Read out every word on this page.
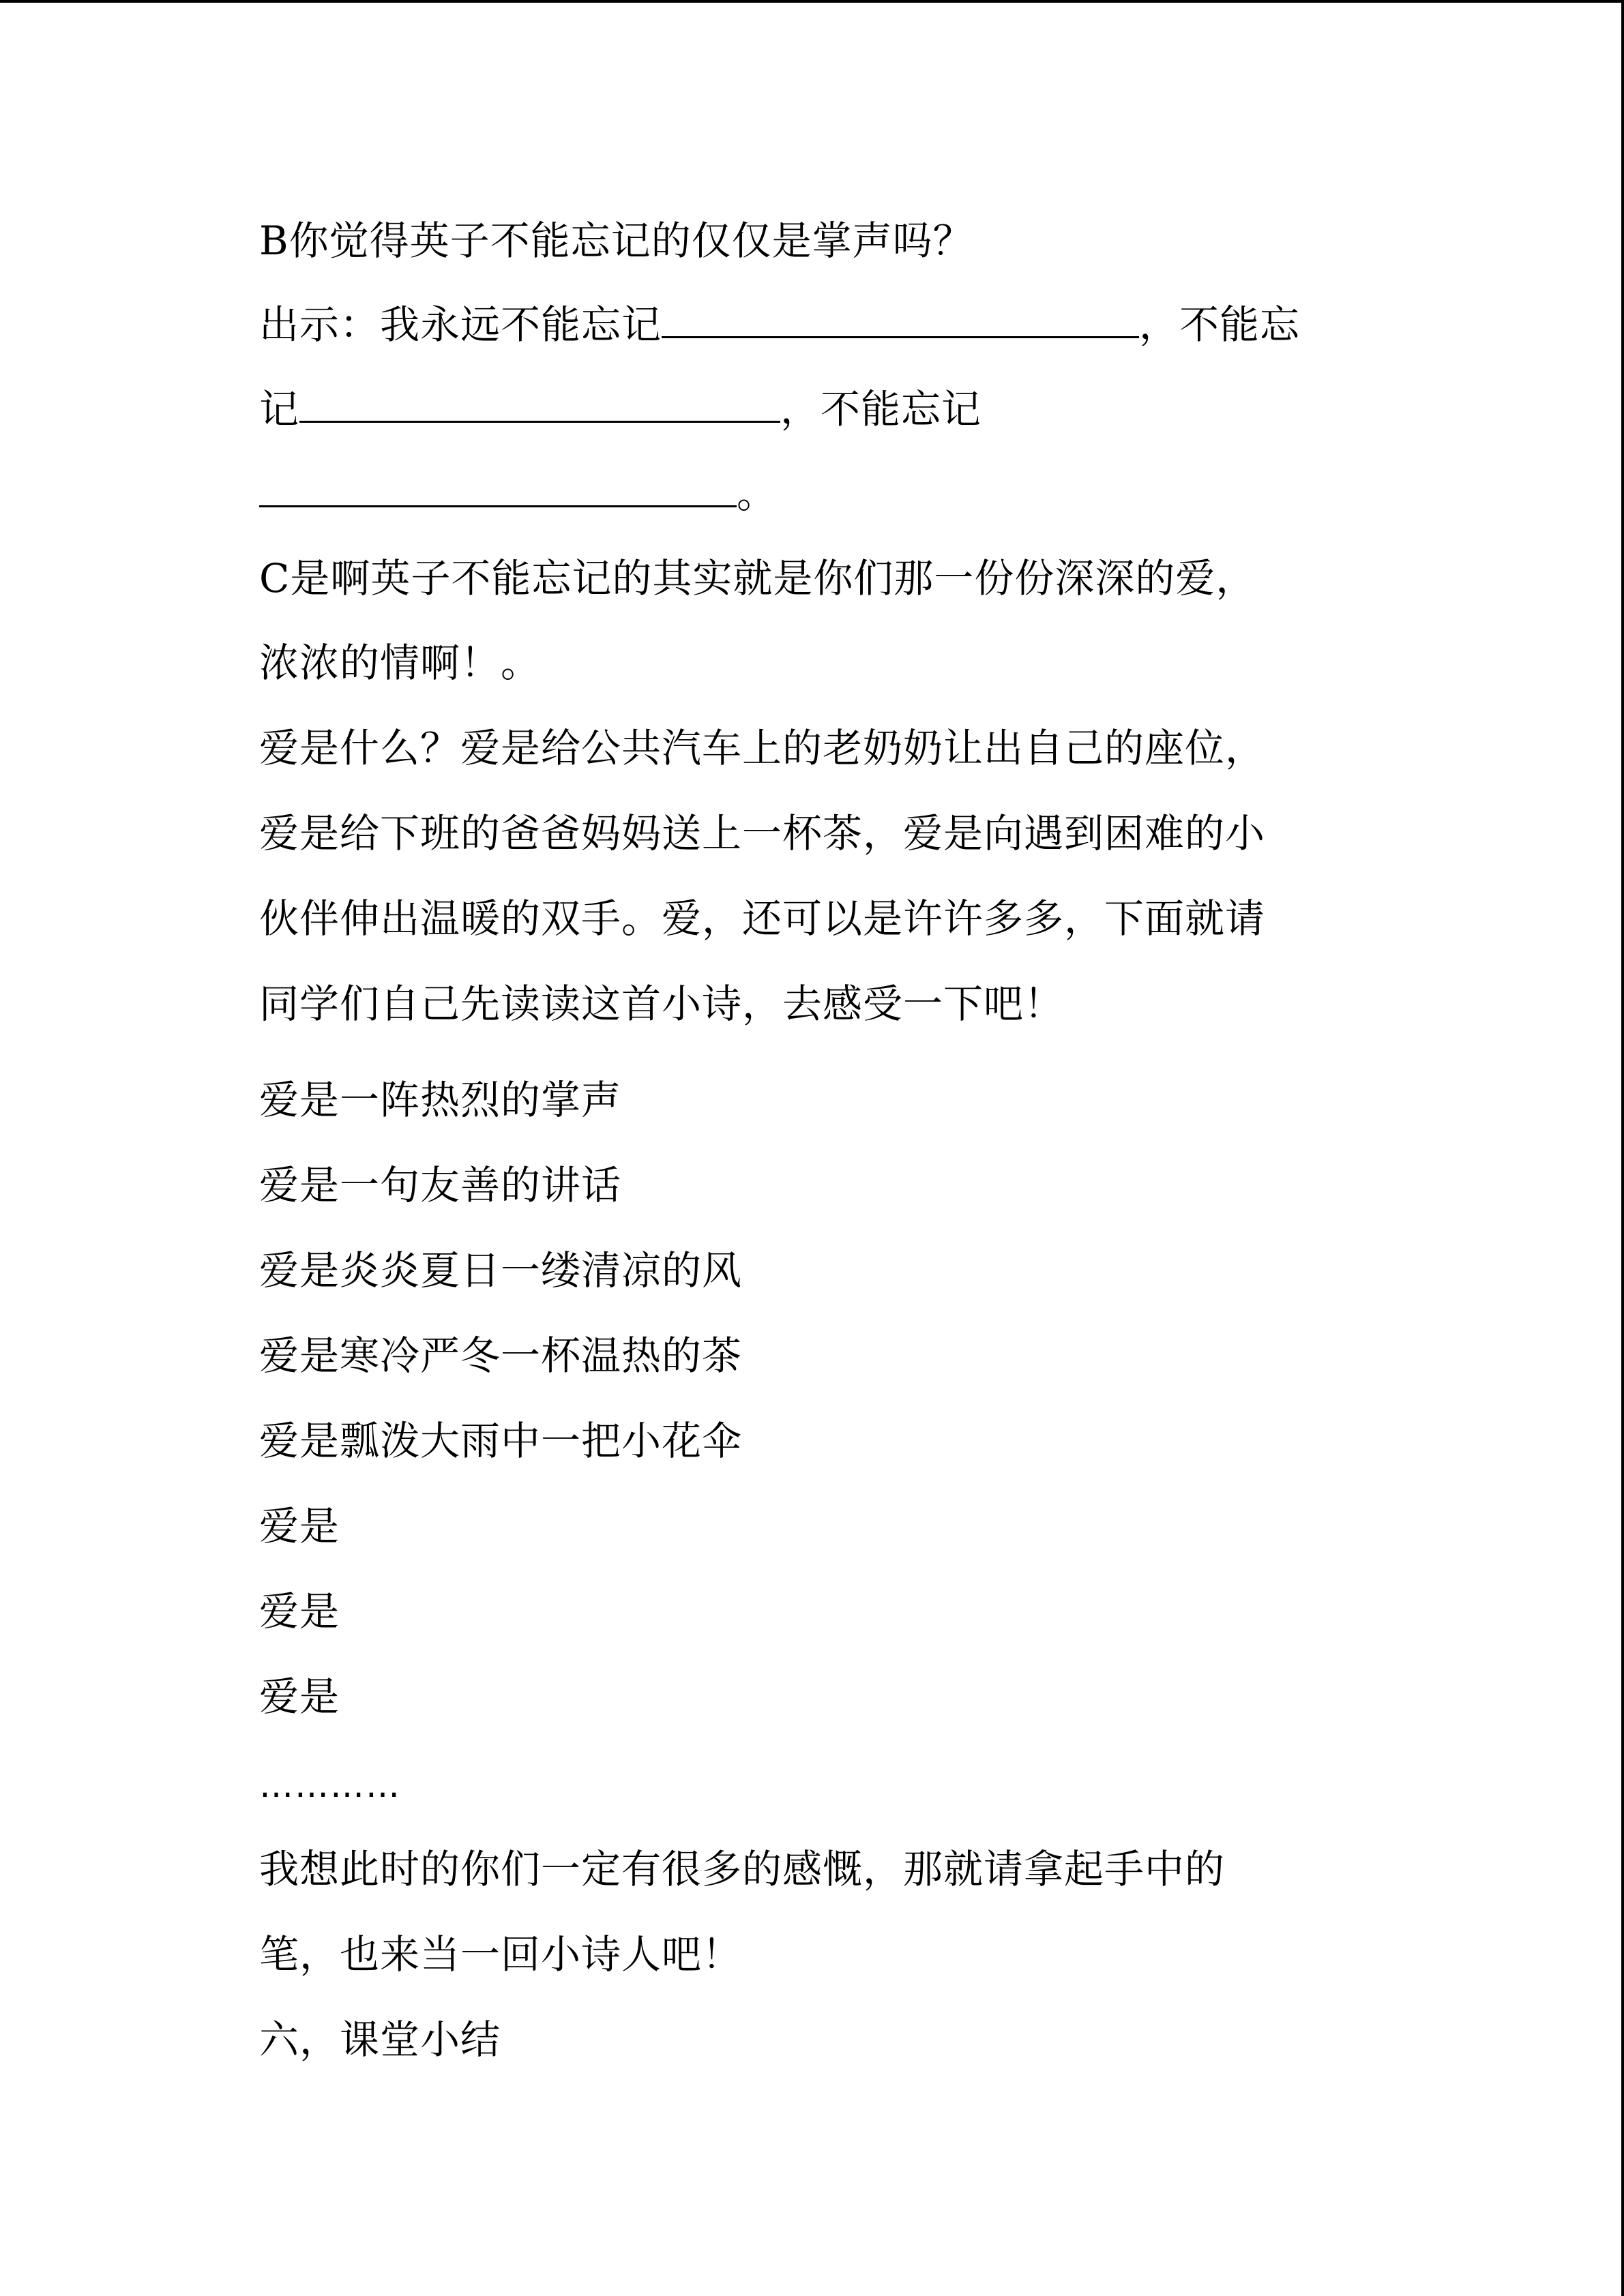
B你觉得英子不能忘记的仅仅是掌声吗？
出示：我永远不能忘记	，不能忘
记	，不能忘记
。
C是啊英子不能忘记的其实就是你们那一份份深深的爱，
浓浓的情啊！。
爱是什么？爱是给公共汽车上的老奶奶让出自己的座位，
爱是给下班的爸爸妈妈送上一杯茶，爱是向遇到困难的小
伙伴伸出温暖的双手。爱，还可以是许许多多，下面就请
同学们自己先读读这首小诗，去感受一下吧！
爱是一阵热烈的掌声
爱是一句友善的讲话
爱是炎炎夏日一缕清凉的风
爱是寒冷严冬一杯温热的茶
爱是瓢泼大雨中一把小花伞
爱是
爱是
爱是
…………
我想此时的你们一定有很多的感慨，那就请拿起手中的
笔，也来当一回小诗人吧！
六，课堂小结
